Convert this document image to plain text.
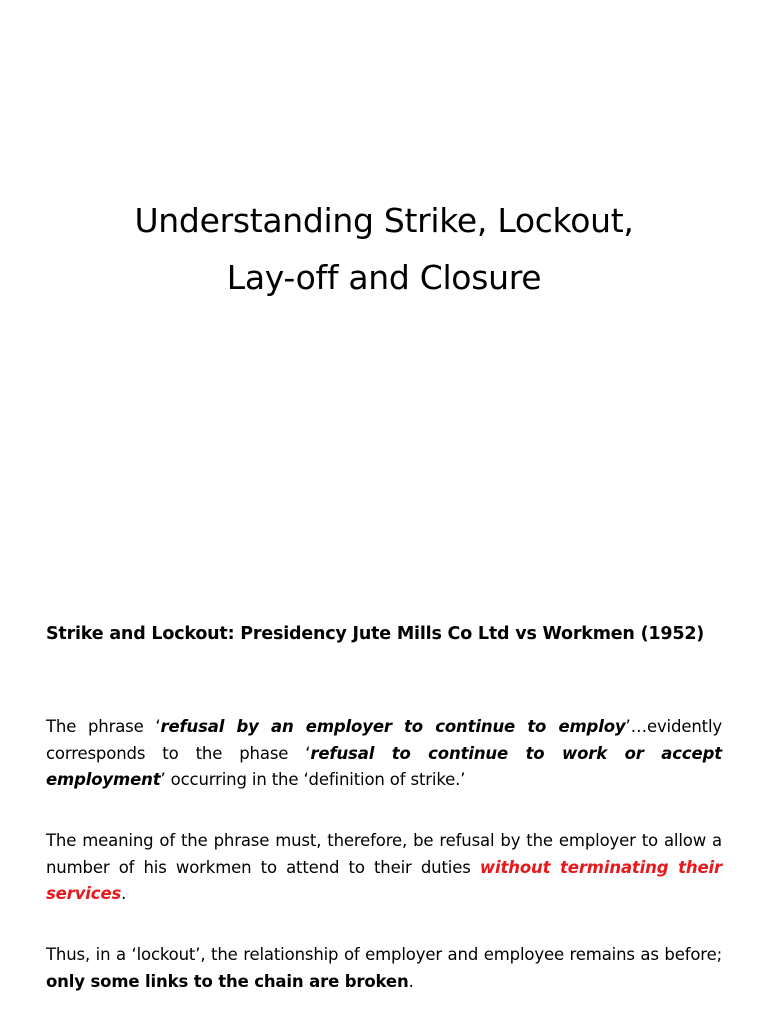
Understanding Strike, Lockout,
Lay-off and Closure
Strike and Lockout: Presidency Jute Mills Co Ltd vs Workmen (1952)

The phrase ‘refusal by an employer to continue to employ’…evidently corresponds to the phase ‘refusal to continue to work or accept employment’ occurring in the ‘definition of strike.’

The meaning of the phrase must, therefore, be refusal by the employer to allow a number of his workmen to attend to their duties without terminating their services.

Thus, in a ‘lockout’, the relationship of employer and employee remains as before; only some links to the chain are broken.
